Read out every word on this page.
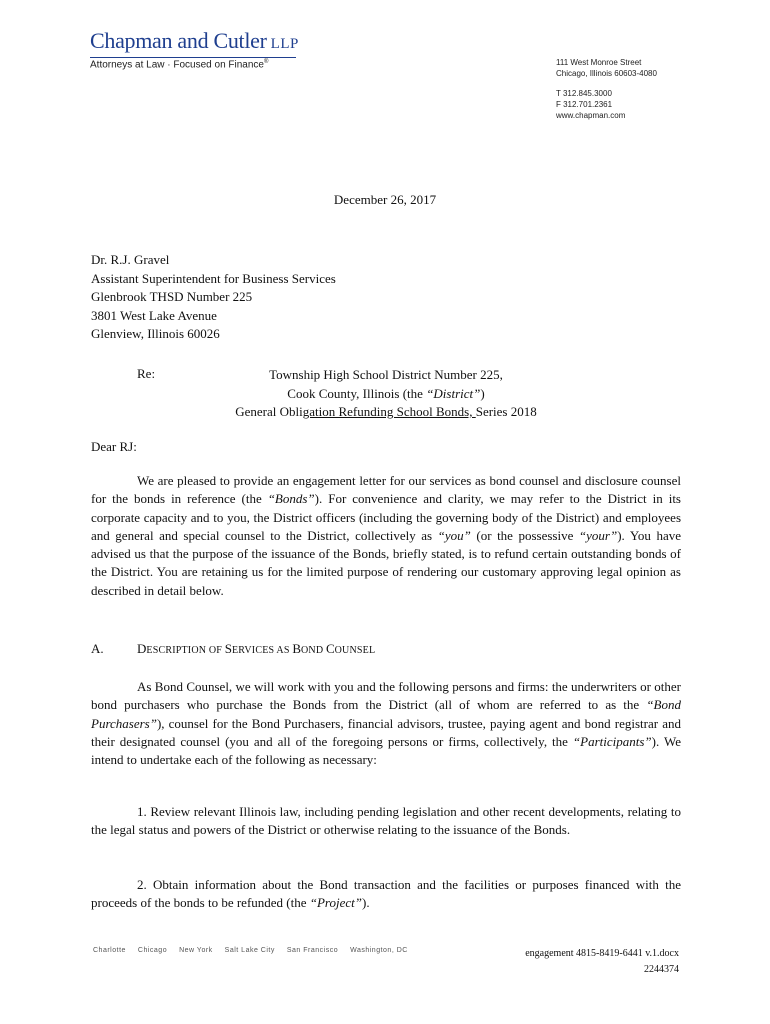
Chapman and Cutler LLP
Attorneys at Law · Focused on Finance®	111 West Monroe Street
Chicago, Illinois 60603-4080
T 312.845.3000
F 312.701.2361
www.chapman.com
December 26, 2017
Dr. R.J. Gravel
Assistant Superintendent for Business Services
Glenbrook THSD Number 225
3801 West Lake Avenue
Glenview, Illinois 60026
Re:	Township High School District Number 225,
Cook County, Illinois (the “District”)
General Obligation Refunding School Bonds, Series 2018
Dear RJ:

We are pleased to provide an engagement letter for our services as bond counsel and disclosure counsel for the bonds in reference (the “Bonds”). For convenience and clarity, we may refer to the District in its corporate capacity and to you, the District officers (including the governing body of the District) and employees and general and special counsel to the District, collectively as “you” (or the possessive “your”). You have advised us that the purpose of the issuance of the Bonds, briefly stated, is to refund certain outstanding bonds of the District. You are retaining us for the limited purpose of rendering our customary approving legal opinion as described in detail below.

A.	DESCRIPTION OF SERVICES AS BOND COUNSEL

As Bond Counsel, we will work with you and the following persons and firms: the underwriters or other bond purchasers who purchase the Bonds from the District (all of whom are referred to as the “Bond Purchasers”), counsel for the Bond Purchasers, financial advisors, trustee, paying agent and bond registrar and their designated counsel (you and all of the foregoing persons or firms, collectively, the “Participants”). We intend to undertake each of the following as necessary:

1. Review relevant Illinois law, including pending legislation and other recent developments, relating to the legal status and powers of the District or otherwise relating to the issuance of the Bonds.

2. Obtain information about the Bond transaction and the facilities or purposes financed with the proceeds of the bonds to be refunded (the “Project”).

Charlotte Chicago New York Salt Lake City San Francisco Washington, DC	engagement 4815-8419-6441 v.1.docx
2244374
